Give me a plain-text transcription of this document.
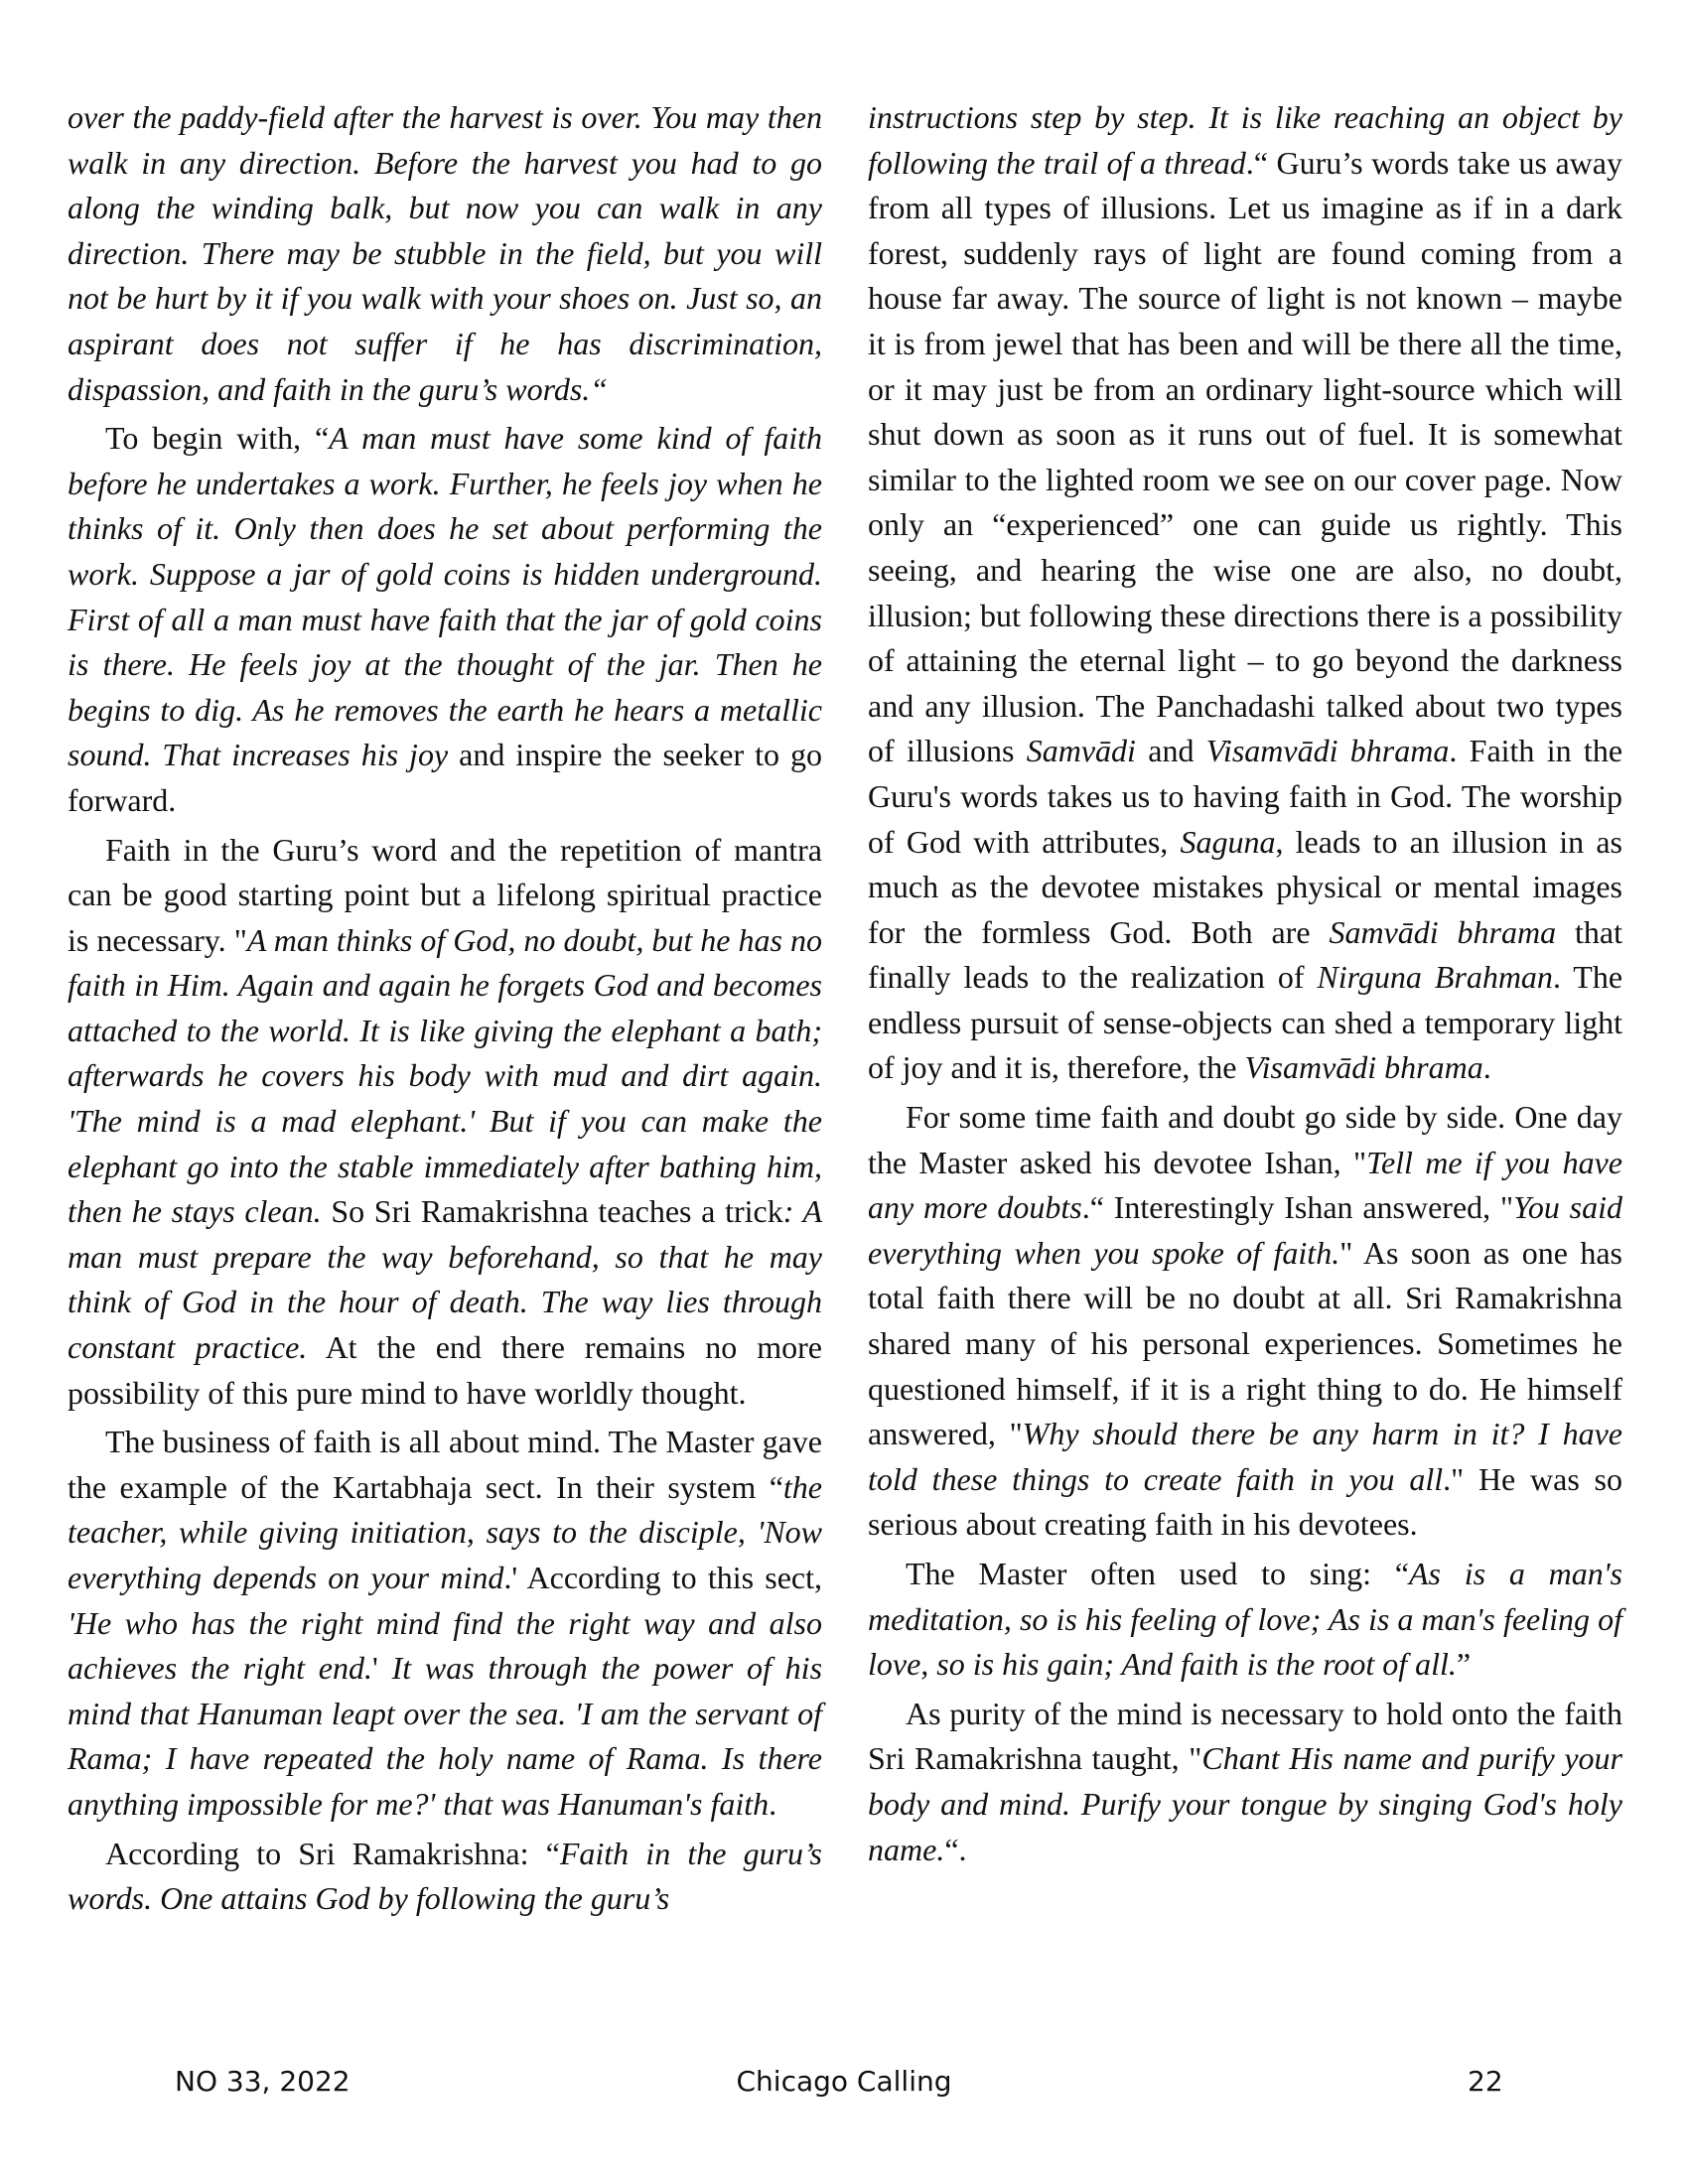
over the paddy-field after the harvest is over. You may then walk in any direction. Before the harvest you had to go along the winding balk, but now you can walk in any direction. There may be stubble in the field, but you will not be hurt by it if you walk with your shoes on. Just so, an aspirant does not suffer if he has discrimination, dispassion, and faith in the guru’s words.“

To begin with, “A man must have some kind of faith before he undertakes a work. Further, he feels joy when he thinks of it. Only then does he set about performing the work. Suppose a jar of gold coins is hidden underground. First of all a man must have faith that the jar of gold coins is there. He feels joy at the thought of the jar. Then he begins to dig. As he removes the earth he hears a metallic sound. That increases his joy and inspire the seeker to go forward.

Faith in the Guru’s word and the repetition of mantra can be good starting point but a lifelong spiritual practice is necessary. "A man thinks of God, no doubt, but he has no faith in Him. Again and again he forgets God and becomes attached to the world. It is like giving the elephant a bath; afterwards he covers his body with mud and dirt again. 'The mind is a mad elephant.' But if you can make the elephant go into the stable immediately after bathing him, then he stays clean. So Sri Ramakrishna teaches a trick: A man must prepare the way beforehand, so that he may think of God in the hour of death. The way lies through constant practice. At the end there remains no more possibility of this pure mind to have worldly thought.

The business of faith is all about mind. The Master gave the example of the Kartabhaja sect. In their system “the teacher, while giving initiation, says to the disciple, 'Now everything depends on your mind.' According to this sect, 'He who has the right mind find the right way and also achieves the right end.' It was through the power of his mind that Hanuman leapt over the sea. 'I am the servant of Rama; I have repeated the holy name of Rama. Is there anything impossible for me?' that was Hanuman's faith.

According to Sri Ramakrishna: “Faith in the guru’s words. One attains God by following the guru’s

instructions step by step. It is like reaching an object by following the trail of a thread.“ Guru’s words take us away from all types of illusions. Let us imagine as if in a dark forest, suddenly rays of light are found coming from a house far away. The source of light is not known – maybe it is from jewel that has been and will be there all the time, or it may just be from an ordinary light-source which will shut down as soon as it runs out of fuel. It is somewhat similar to the lighted room we see on our cover page. Now only an “experienced” one can guide us rightly. This seeing, and hearing the wise one are also, no doubt, illusion; but following these directions there is a possibility of attaining the eternal light – to go beyond the darkness and any illusion. The Panchadashi talked about two types of illusions Samvādi and Visamvādi bhrama. Faith in the Guru's words takes us to having faith in God. The worship of God with attributes, Saguna, leads to an illusion in as much as the devotee mistakes physical or mental images for the formless God. Both are Samvādi bhrama that finally leads to the realization of Nirguna Brahman. The endless pursuit of sense-objects can shed a temporary light of joy and it is, therefore, the Visamvādi bhrama.

For some time faith and doubt go side by side. One day the Master asked his devotee Ishan, "Tell me if you have any more doubts.“ Interestingly Ishan answered, "You said everything when you spoke of faith." As soon as one has total faith there will be no doubt at all. Sri Ramakrishna shared many of his personal experiences. Sometimes he questioned himself, if it is a right thing to do. He himself answered, "Why should there be any harm in it? I have told these things to create faith in you all." He was so serious about creating faith in his devotees.

The Master often used to sing: “As is a man's meditation, so is his feeling of love; As is a man's feeling of love, so is his gain; And faith is the root of all.”

As purity of the mind is necessary to hold onto the faith Sri Ramakrishna taught, "Chant His name and purify your body and mind. Purify your tongue by singing God's holy name.“.

NO 33, 2022	Chicago Calling	22
